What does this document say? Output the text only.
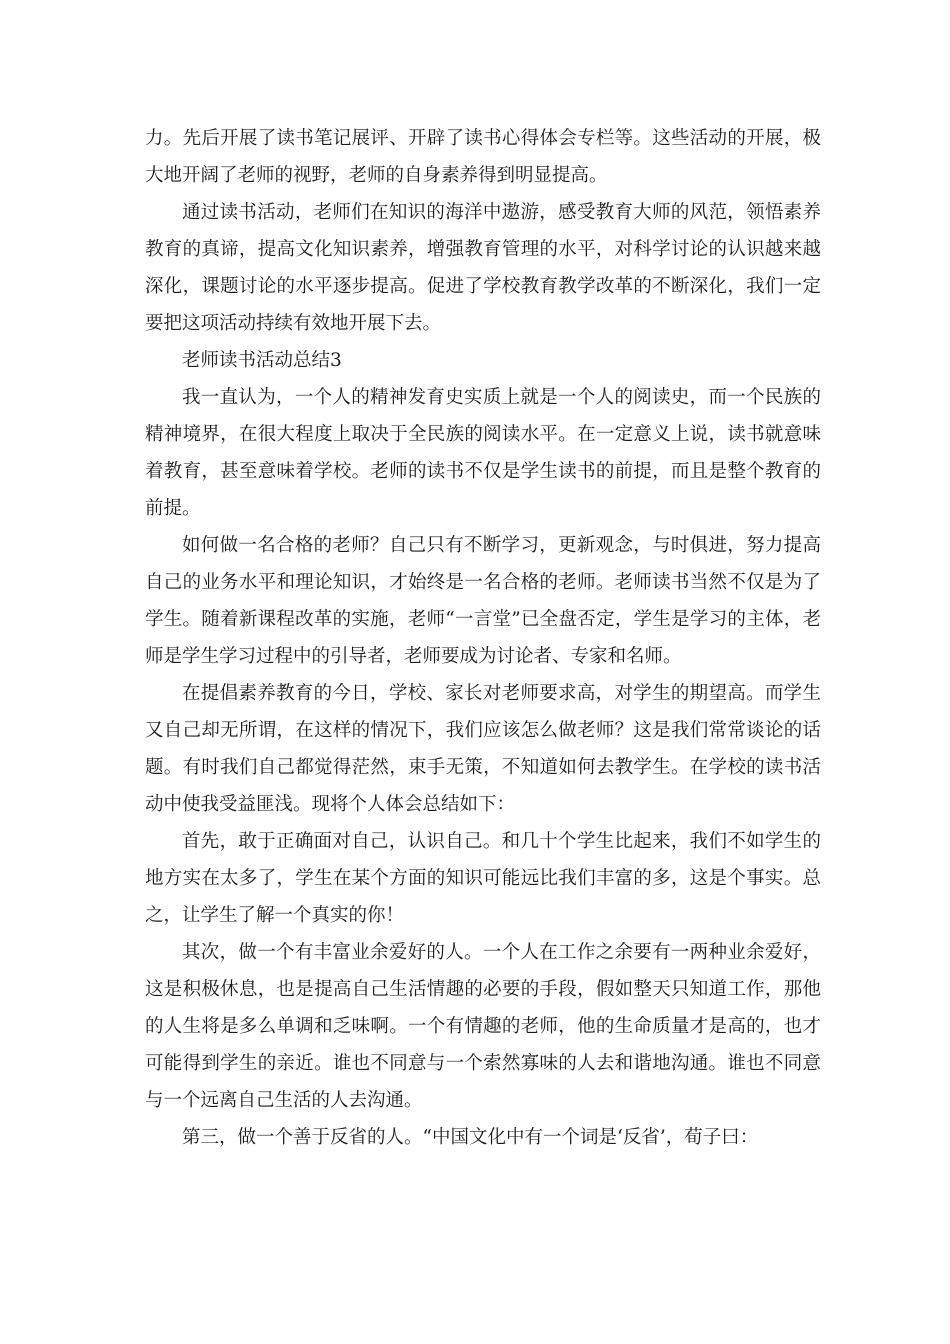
力。先后开展了读书笔记展评、开辟了读书心得体会专栏等。这些活动的开展，极大地开阔了老师的视野，老师的自身素养得到明显提高。

通过读书活动，老师们在知识的海洋中遨游，感受教育大师的风范，领悟素养教育的真谛，提高文化知识素养，增强教育管理的水平，对科学讨论的认识越来越深化，课题讨论的水平逐步提高。促进了学校教育教学改革的不断深化，我们一定要把这项活动持续有效地开展下去。

老师读书活动总结3

我一直认为，一个人的精神发育史实质上就是一个人的阅读史，而一个民族的精神境界，在很大程度上取决于全民族的阅读水平。在一定意义上说，读书就意味着教育，甚至意味着学校。老师的读书不仅是学生读书的前提，而且是整个教育的前提。

如何做一名合格的老师？自己只有不断学习，更新观念，与时俱进，努力提高自己的业务水平和理论知识，才始终是一名合格的老师。老师读书当然不仅是为了学生。随着新课程改革的实施，老师“一言堂”已全盘否定，学生是学习的主体，老师是学生学习过程中的引导者，老师要成为讨论者、专家和名师。

在提倡素养教育的今日，学校、家长对老师要求高，对学生的期望高。而学生又自己却无所谓，在这样的情况下，我们应该怎么做老师？这是我们常常谈论的话题。有时我们自己都觉得茫然，束手无策，不知道如何去教学生。在学校的读书活动中使我受益匪浅。现将个人体会总结如下：

首先，敢于正确面对自己，认识自己。和几十个学生比起来，我们不如学生的地方实在太多了，学生在某个方面的知识可能远比我们丰富的多，这是个事实。总之，让学生了解一个真实的你！

其次，做一个有丰富业余爱好的人。一个人在工作之余要有一两种业余爱好，这是积极休息，也是提高自己生活情趣的必要的手段，假如整天只知道工作，那他的人生将是多么单调和乏味啊。一个有情趣的老师，他的生命质量才是高的，也才可能得到学生的亲近。谁也不同意与一个索然寡味的人去和谐地沟通。谁也不同意与一个远离自己生活的人去沟通。

第三，做一个善于反省的人。“中国文化中有一个词是‘反省’，荀子曰：
